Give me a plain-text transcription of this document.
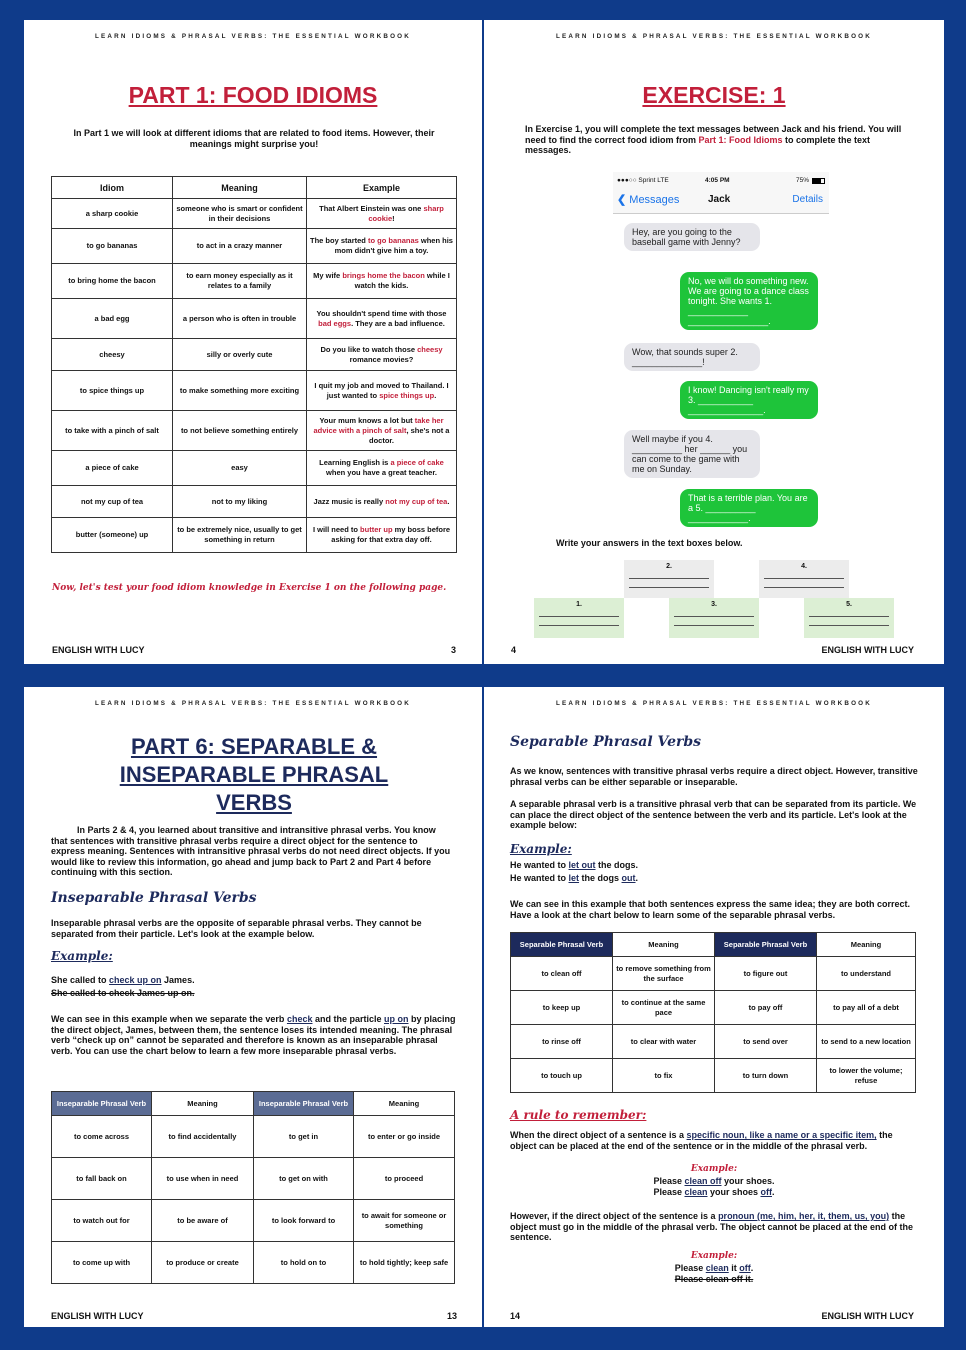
LEARN IDIOMS & PHRASAL VERBS: THE ESSENTIAL WORKBOOK
PART 1: FOOD IDIOMS
In Part 1 we will look at different idioms that are related to food items. However, their meanings might surprise you!
Idiom	Meaning	Example
a sharp cookie	someone who is smart or confident in their decisions	That Albert Einstein was one sharp cookie!
to go bananas	to act in a crazy manner	The boy started to go bananas when his mom didn't give him a toy.
to bring home the bacon	to earn money especially as it relates to a family	My wife brings home the bacon while I watch the kids.
a bad egg	a person who is often in trouble	You shouldn't spend time with those bad eggs. They are a bad influence.
cheesy	silly or overly cute	Do you like to watch those cheesy romance movies?
to spice things up	to make something more exciting	I quit my job and moved to Thailand. I just wanted to spice things up.
to take with a pinch of salt	to not believe something entirely	Your mum knows a lot but take her advice with a pinch of salt, she's not a doctor.
a piece of cake	easy	Learning English is a piece of cake when you have a great teacher.
not my cup of tea	not to my liking	Jazz music is really not my cup of tea.
butter (someone) up	to be extremely nice, usually to get something in return	I will need to butter up my boss before asking for that extra day off.
Now, let's test your food idiom knowledge in Exercise 1 on the following page.
ENGLISH WITH LUCY	3
LEARN IDIOMS & PHRASAL VERBS: THE ESSENTIAL WORKBOOK
EXERCISE: 1
In Exercise 1, you will complete the text messages between Jack and his friend. You will need to find the correct food idiom from Part 1: Food Idioms to complete the text messages.
●●●○○ Sprint LTE	4:05 PM	75%
❮ Messages	Jack	Details
Hey, are you going to the baseball game with Jenny?
No, we will do something new. We are going to a dance class tonight. She wants 1. ____________ ________________.
Wow, that sounds super 2. ______________!
I know! Dancing isn't really my 3. ___________ _______________.
Well maybe if you 4. __________ her ______ you can come to the game with me on Sunday.
That is a terrible plan. You are a 5. __________ ____________.
Write your answers in the text boxes below.
2.	4.
1.	3.	5.
4	ENGLISH WITH LUCY
LEARN IDIOMS & PHRASAL VERBS: THE ESSENTIAL WORKBOOK
PART 6: SEPARABLE & INSEPARABLE PHRASAL VERBS
In Parts 2 & 4, you learned about transitive and intransitive phrasal verbs. You know that sentences with transitive phrasal verbs require a direct object for the sentence to express meaning. Sentences with intransitive phrasal verbs do not need direct objects. If you would like to review this information, go ahead and jump back to Part 2 and Part 4 before continuing with this section.
Inseparable Phrasal Verbs
Inseparable phrasal verbs are the opposite of separable phrasal verbs. They cannot be separated from their particle. Let's look at the example below.
Example:
She called to check up on James.
She called to check James up on.
We can see in this example when we separate the verb check and the particle up on by placing the direct object, James, between them, the sentence loses its intended meaning. The phrasal verb “check up on” cannot be separated and therefore is known as an inseparable phrasal verb. You can use the chart below to learn a few more inseparable phrasal verbs.
Inseparable Phrasal Verb	Meaning	Inseparable Phrasal Verb	Meaning
to come across	to find accidentally	to get in	to enter or go inside
to fall back on	to use when in need	to get on with	to proceed
to watch out for	to be aware of	to look forward to	to await for someone or something
to come up with	to produce or create	to hold on to	to hold tightly; keep safe
ENGLISH WITH LUCY	13
LEARN IDIOMS & PHRASAL VERBS: THE ESSENTIAL WORKBOOK
Separable Phrasal Verbs
As we know, sentences with transitive phrasal verbs require a direct object. However, transitive phrasal verbs can be either separable or inseparable.
A separable phrasal verb is a transitive phrasal verb that can be separated from its particle. We can place the direct object of the sentence between the verb and its particle. Let's look at the example below:
Example:
He wanted to let out the dogs.
He wanted to let the dogs out.
We can see in this example that both sentences express the same idea; they are both correct. Have a look at the chart below to learn some of the separable phrasal verbs.
Separable Phrasal Verb	Meaning	Separable Phrasal Verb	Meaning
to clean off	to remove something from the surface	to figure out	to understand
to keep up	to continue at the same pace	to pay off	to pay all of a debt
to rinse off	to clear with water	to send over	to send to a new location
to touch up	to fix	to turn down	to lower the volume; refuse
A rule to remember:
When the direct object of a sentence is a specific noun, like a name or a specific item, the object can be placed at the end of the sentence or in the middle of the phrasal verb.
Example:
Please clean off your shoes.
Please clean your shoes off.
However, if the direct object of the sentence is a pronoun (me, him, her, it, them, us, you) the object must go in the middle of the phrasal verb. The object cannot be placed at the end of the sentence.
Example:
Please clean it off.
Please clean off it.
14	ENGLISH WITH LUCY
